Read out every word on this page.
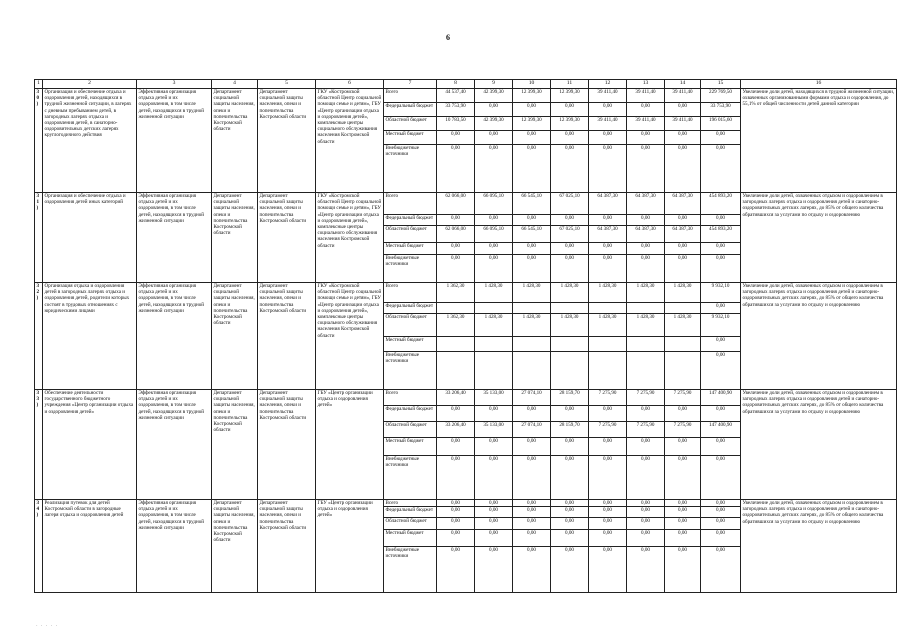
6
1	2	3	4	5	6	7	8	9	10	11	12	13	14	15	16
30)	Организация и обеспечение отдыха и оздоровления детей, находящихся в трудной жизненной ситуации, в лагерях с дневным пребыванием детей, в загородных лагерях отдыха и оздоровления детей, в санаторно-оздоровительных детских лагерях круглогодичного действия	Эффективная организация отдыха детей и их оздоровления, в том числе детей, находящихся в трудной жизненной ситуации	Департамент социальной защиты населения, опеки и попечительства Костромской области	Департамент социальной защиты населения, опеки и попечительства Костромской области	ГКУ «Костромской областной Центр социальной помощи семье и детям», ГБУ «Центр организации отдыха и оздоровления детей», комплексные центры социального обслуживания населения Костромской области	Всего	44 537,40	42 399,30	12 399,30	12 399,30	39 411,40	39 411,40	39 411,40	229 769,50	Увеличение доли детей, находящихся в трудной жизненной ситуации, охваченных организованными формами отдыха и оздоровления, до 55,1% от общей численности детей данной категории
						Федеральный бюджет	33 753,90	0,00	0,00	0,00	0,00	0,00	0,00	33 753,90	
						Областной бюджет	10 783,50	42 399,30	12 399,30	12 399,30	39 411,40	39 411,40	39 411,40	196 015,60	
						Местный бюджет	0,00	0,00	0,00	0,00	0,00	0,00	0,00	0,00	
						Внебюджетные источники	0,00	0,00	0,00	0,00	0,00	0,00	0,00	0,00	
31)	Организация и обеспечение отдыха и оздоровления детей иных категорий	Эффективная организация отдыха детей и их оздоровления, в том числе детей, находящихся в трудной жизненной ситуации	Департамент социальной защиты населения, опеки и попечительства Костромской области	Департамент социальной защиты населения, опеки и попечительства Костромской области	ГКУ «Костромской областной Центр социальной помощи семье и детям», ГБУ «Центр организации отдыха и оздоровления детей», комплексные центры социального обслуживания населения Костромской области	Всего	62 066,00	66 095,10	66 545,10	67 025,10	64 387,30	64 387,30	64 387,30	454 893,20	Увеличение доли детей, охваченных отдыхом и оздоровлением в загородных лагерях отдыха и оздоровления детей и санаторно-оздоровительных детских лагерях, до 85% от общего количества обратившихся за услугами по отдыху и оздоровлению
						Федеральный бюджет	0,00	0,00	0,00	0,00	0,00	0,00	0,00	0,00	
						Областной бюджет	62 066,00	66 095,10	66 545,10	67 025,10	64 387,30	64 387,30	64 387,30	454 893,20	
						Местный бюджет	0,00	0,00	0,00	0,00	0,00	0,00	0,00	0,00	
						Внебюджетные источники	0,00	0,00	0,00	0,00	0,00	0,00	0,00	0,00	
32)	Организация отдыха и оздоровления детей в загородных лагерях отдыха и оздоровления детей, родители которых состоят в трудовых отношениях с юридическими лицами	Эффективная организация отдыха детей и их оздоровления, в том числе детей, находящихся в трудной жизненной ситуации	Департамент социальной защиты населения, опеки и попечительства Костромской области	Департамент социальной защиты населения, опеки и попечительства Костромской области	ГКУ «Костромской областной Центр социальной помощи семье и детям», ГБУ «Центр организации отдыха и оздоровления детей», комплексные центры социального обслуживания населения Костромской области	Всего	1 362,30	1 428,30	1 428,30	1 428,30	1 428,30	1 428,30	1 428,30	9 932,10	Увеличение доли детей, охваченных отдыхом и оздоровлением в загородных лагерях отдыха и оздоровления детей и санаторно-оздоровительных детских лагерях, до 85% от общего количества обратившихся за услугами по отдыху и оздоровлению
						Федеральный бюджет								0,00	
						Областной бюджет	1 362,30	1 428,30	1 428,30	1 428,30	1 428,30	1 428,30	1 428,30	9 932,10	
						Местный бюджет								0,00	
						Внебюджетные источники								0,00	
33)	Обеспечение деятельности государственного бюджетного учреждения «Центр организации отдыха и оздоровления детей»	Эффективная организация отдыха детей и их оздоровления, в том числе детей, находящихся в трудной жизненной ситуации	Департамент социальной защиты населения, опеки и попечительства Костромской области	Департамент социальной защиты населения, опеки и попечительства Костромской области	ГБУ «Центр организации отдыха и оздоровления детей»	Всего	33 206,40	35 133,00	27 074,10	28 159,70	7 275,90	7 275,90	7 275,90	147 400,90	Увеличение доли детей, охваченных отдыхом и оздоровлением в загородных лагерях отдыха и оздоровления детей и санаторно-оздоровительных детских лагерях, до 85% от общего количества обратившихся за услугами по отдыху и оздоровлению
						Федеральный бюджет	0,00	0,00	0,00	0,00	0,00	0,00	0,00	0,00	
						Областной бюджет	33 206,40	35 133,00	27 074,10	28 159,70	7 275,90	7 275,90	7 275,90	147 400,90	
						Местный бюджет	0,00	0,00	0,00	0,00	0,00	0,00	0,00	0,00	
						Внебюджетные источники	0,00	0,00	0,00	0,00	0,00	0,00	0,00	0,00	
34)	Реализация путевок для детей Костромской области в загородные лагеря отдыха и оздоровления детей	Эффективная организация отдыха детей и их оздоровления, в том числе детей, находящихся в трудной жизненной ситуации	Департамент социальной защиты населения, опеки и попечительства Костромской области	Департамент социальной защиты населения, опеки и попечительства Костромской области	ГБУ «Центр организации отдыха и оздоровления детей»	Всего	0,00	0,00	0,00	0,00	0,00	0,00	0,00	0,00	Увеличение доли детей, охваченных отдыхом и оздоровлением в загородных лагерях отдыха и оздоровления детей и санаторно-оздоровительных детских лагерях, до 85% от общего количества обратившихся за услугами по отдыху и оздоровлению
						Федеральный бюджет	0,00	0,00	0,00	0,00	0,00	0,00	0,00	0,00	
						Областной бюджет	0,00	0,00	0,00	0,00	0,00	0,00	0,00	0,00	
						Местный бюджет	0,00	0,00	0,00	0,00	0,00	0,00	0,00	0,00	
						Внебюджетные источники	0,00	0,00	0,00	0,00	0,00	0,00	0,00	0,00	
· · · · ·
